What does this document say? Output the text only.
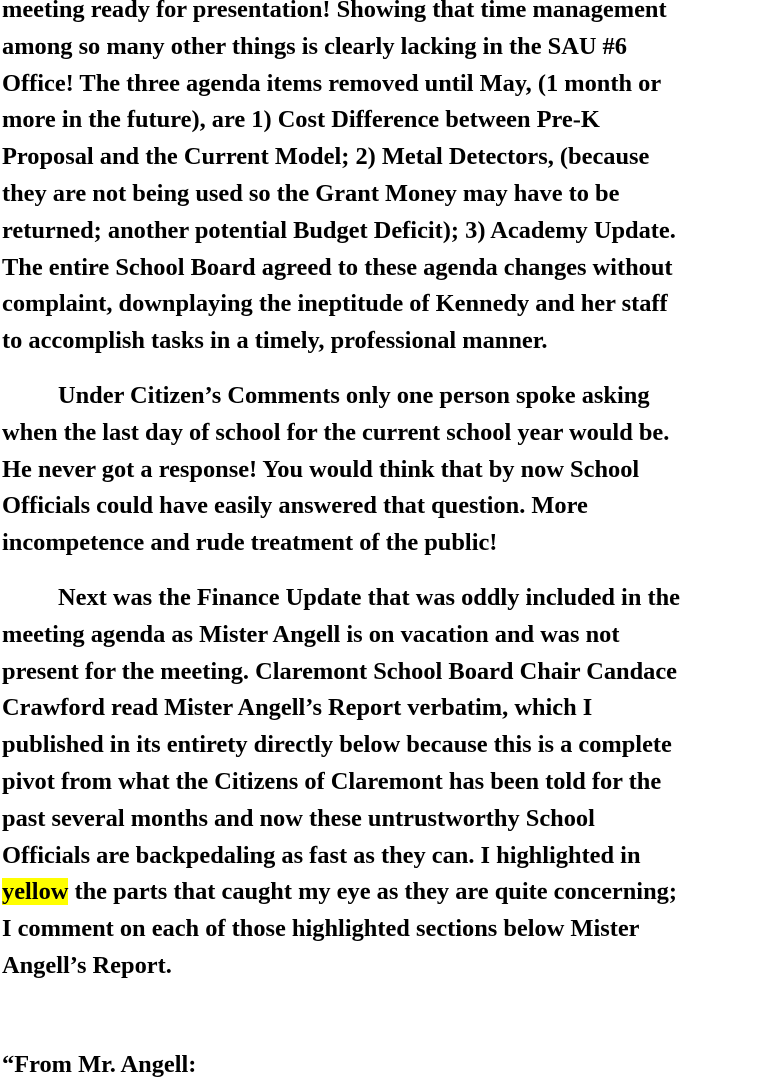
meeting ready for presentation! Showing that time management
among so many other things is clearly lacking in the SAU #6
Office! The three agenda items removed until May, (1 month or
more in the future), are 1) Cost Difference between Pre-K
Proposal and the Current Model; 2) Metal Detectors, (because
they are not being used so the Grant Money may have to be
returned; another potential Budget Deficit); 3) Academy Update.
The entire School Board agreed to these agenda changes without
complaint, downplaying the ineptitude of Kennedy and her staff
to accomplish tasks in a timely, professional manner.
Under Citizen’s Comments only one person spoke asking
when the last day of school for the current school year would be.
He never got a response! You would think that by now School
Officials could have easily answered that question. More
incompetence and rude treatment of the public!
Next was the Finance Update that was oddly included in the
meeting agenda as Mister Angell is on vacation and was not
present for the meeting. Claremont School Board Chair Candace
Crawford read Mister Angell’s Report verbatim, which I
published in its entirety directly below because this is a complete
pivot from what the Citizens of Claremont has been told for the
past several months and now these untrustworthy School
Officials are backpedaling as fast as they can. I highlighted in
yellow the parts that caught my eye as they are quite concerning;
I comment on each of those highlighted sections below Mister
Angell’s Report.
“From Mr. Angell:
